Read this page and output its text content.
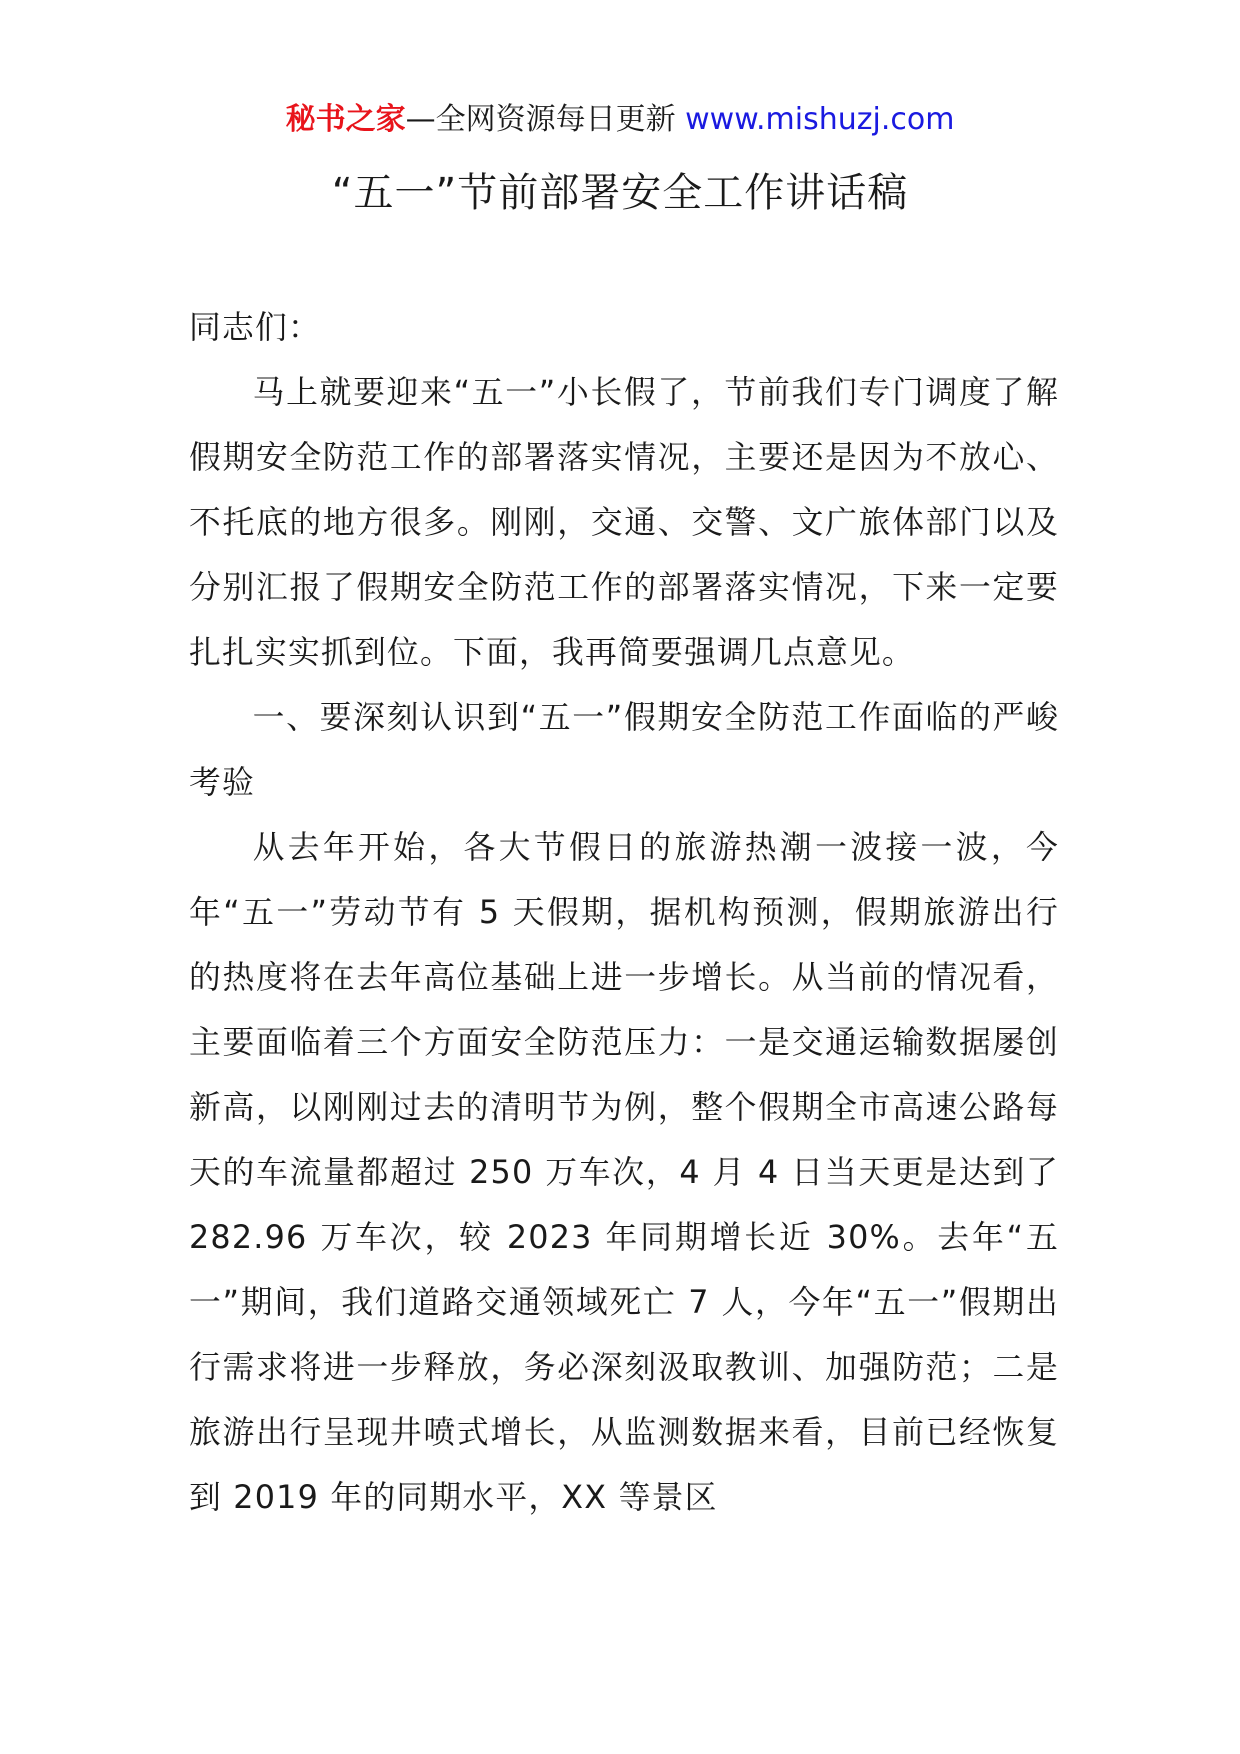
秘书之家—全网资源每日更新 www.mishuzj.com
“五一”节前部署安全工作讲话稿

同志们：

马上就要迎来“五一”小长假了，节前我们专门调度了解假期安全防范工作的部署落实情况，主要还是因为不放心、不托底的地方很多。刚刚，交通、交警、文广旅体部门以及分别汇报了假期安全防范工作的部署落实情况，下来一定要扎扎实实抓到位。下面，我再简要强调几点意见。

一、要深刻认识到“五一”假期安全防范工作面临的严峻考验

从去年开始，各大节假日的旅游热潮一波接一波，今年“五一”劳动节有 5 天假期，据机构预测，假期旅游出行的热度将在去年高位基础上进一步增长。从当前的情况看，主要面临着三个方面安全防范压力：一是交通运输数据屡创新高，以刚刚过去的清明节为例，整个假期全市高速公路每天的车流量都超过 250 万车次，4 月 4 日当天更是达到了 282.96 万车次，较 2023 年同期增长近 30%。去年“五一”期间，我们道路交通领域死亡 7 人，今年“五一”假期出行需求将进一步释放，务必深刻汲取教训、加强防范；二是旅游出行呈现井喷式增长，从监测数据来看，目前已经恢复到 2019 年的同期水平，XX 等景区
